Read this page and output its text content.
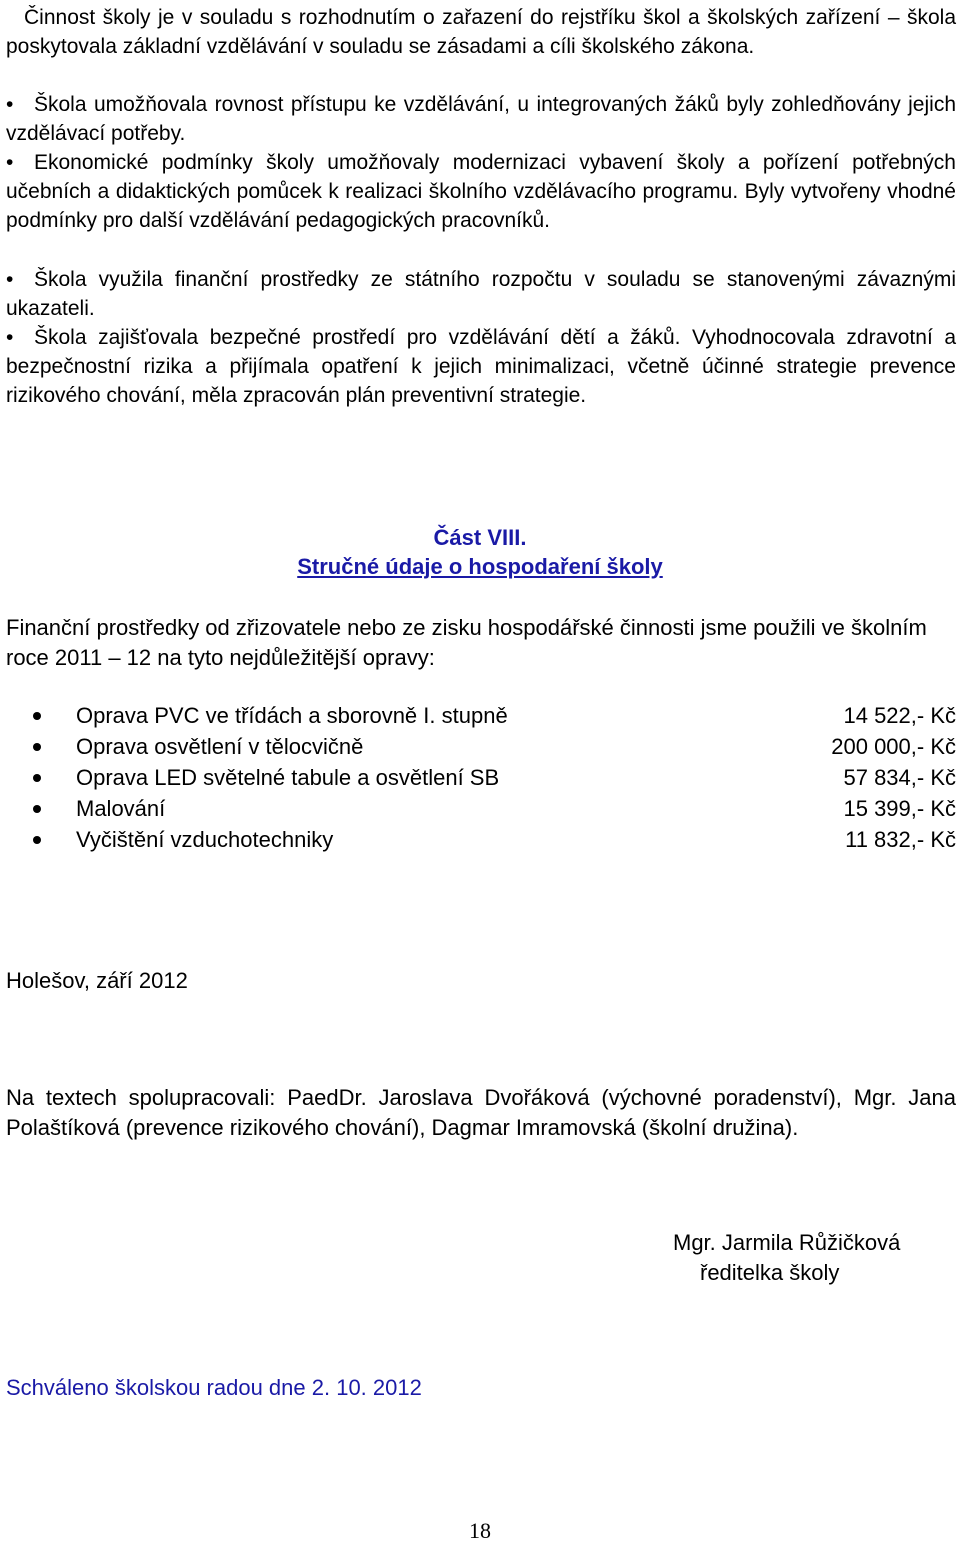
Činnost školy je v souladu s rozhodnutím o zařazení do rejstříku škol a školských zařízení – škola poskytovala základní vzdělávání v souladu se zásadami a cíli školského zákona.

• Škola umožňovala rovnost přístupu ke vzdělávání, u integrovaných žáků byly zohledňovány jejich vzdělávací potřeby.

• Ekonomické podmínky školy umožňovaly modernizaci vybavení školy a pořízení potřebných učebních a didaktických pomůcek k realizaci školního vzdělávacího programu. Byly vytvořeny vhodné podmínky pro další vzdělávání pedagogických pracovníků.

• Škola využila finanční prostředky ze státního rozpočtu v souladu se stanovenými závaznými ukazateli.

• Škola zajišťovala bezpečné prostředí pro vzdělávání dětí a žáků. Vyhodnocovala zdravotní a bezpečnostní rizika a přijímala opatření k jejich minimalizaci, včetně účinné strategie prevence rizikového chování, měla zpracován plán preventivní strategie.

Část VIII.

Stručné údaje o hospodaření školy

Finanční prostředky od zřizovatele nebo ze zisku hospodářské činnosti jsme použili ve školním roce 2011 – 12 na tyto nejdůležitější opravy:

Oprava PVC ve třídách a sborovně I. stupně	14 522,- Kč
Oprava osvětlení v tělocvičně	200 000,- Kč
Oprava LED světelné tabule a osvětlení SB	57 834,- Kč
Malování	15 399,- Kč
Vyčištění vzduchotechniky	11 832,- Kč

Holešov, září 2012

Na textech spolupracovali: PaedDr. Jaroslava Dvořáková (výchovné poradenství), Mgr. Jana Polaštíková (prevence rizikového chování), Dagmar Imramovská (školní družina).

Mgr. Jarmila Růžičková

ředitelka školy

Schváleno školskou radou dne 2. 10. 2012

18
